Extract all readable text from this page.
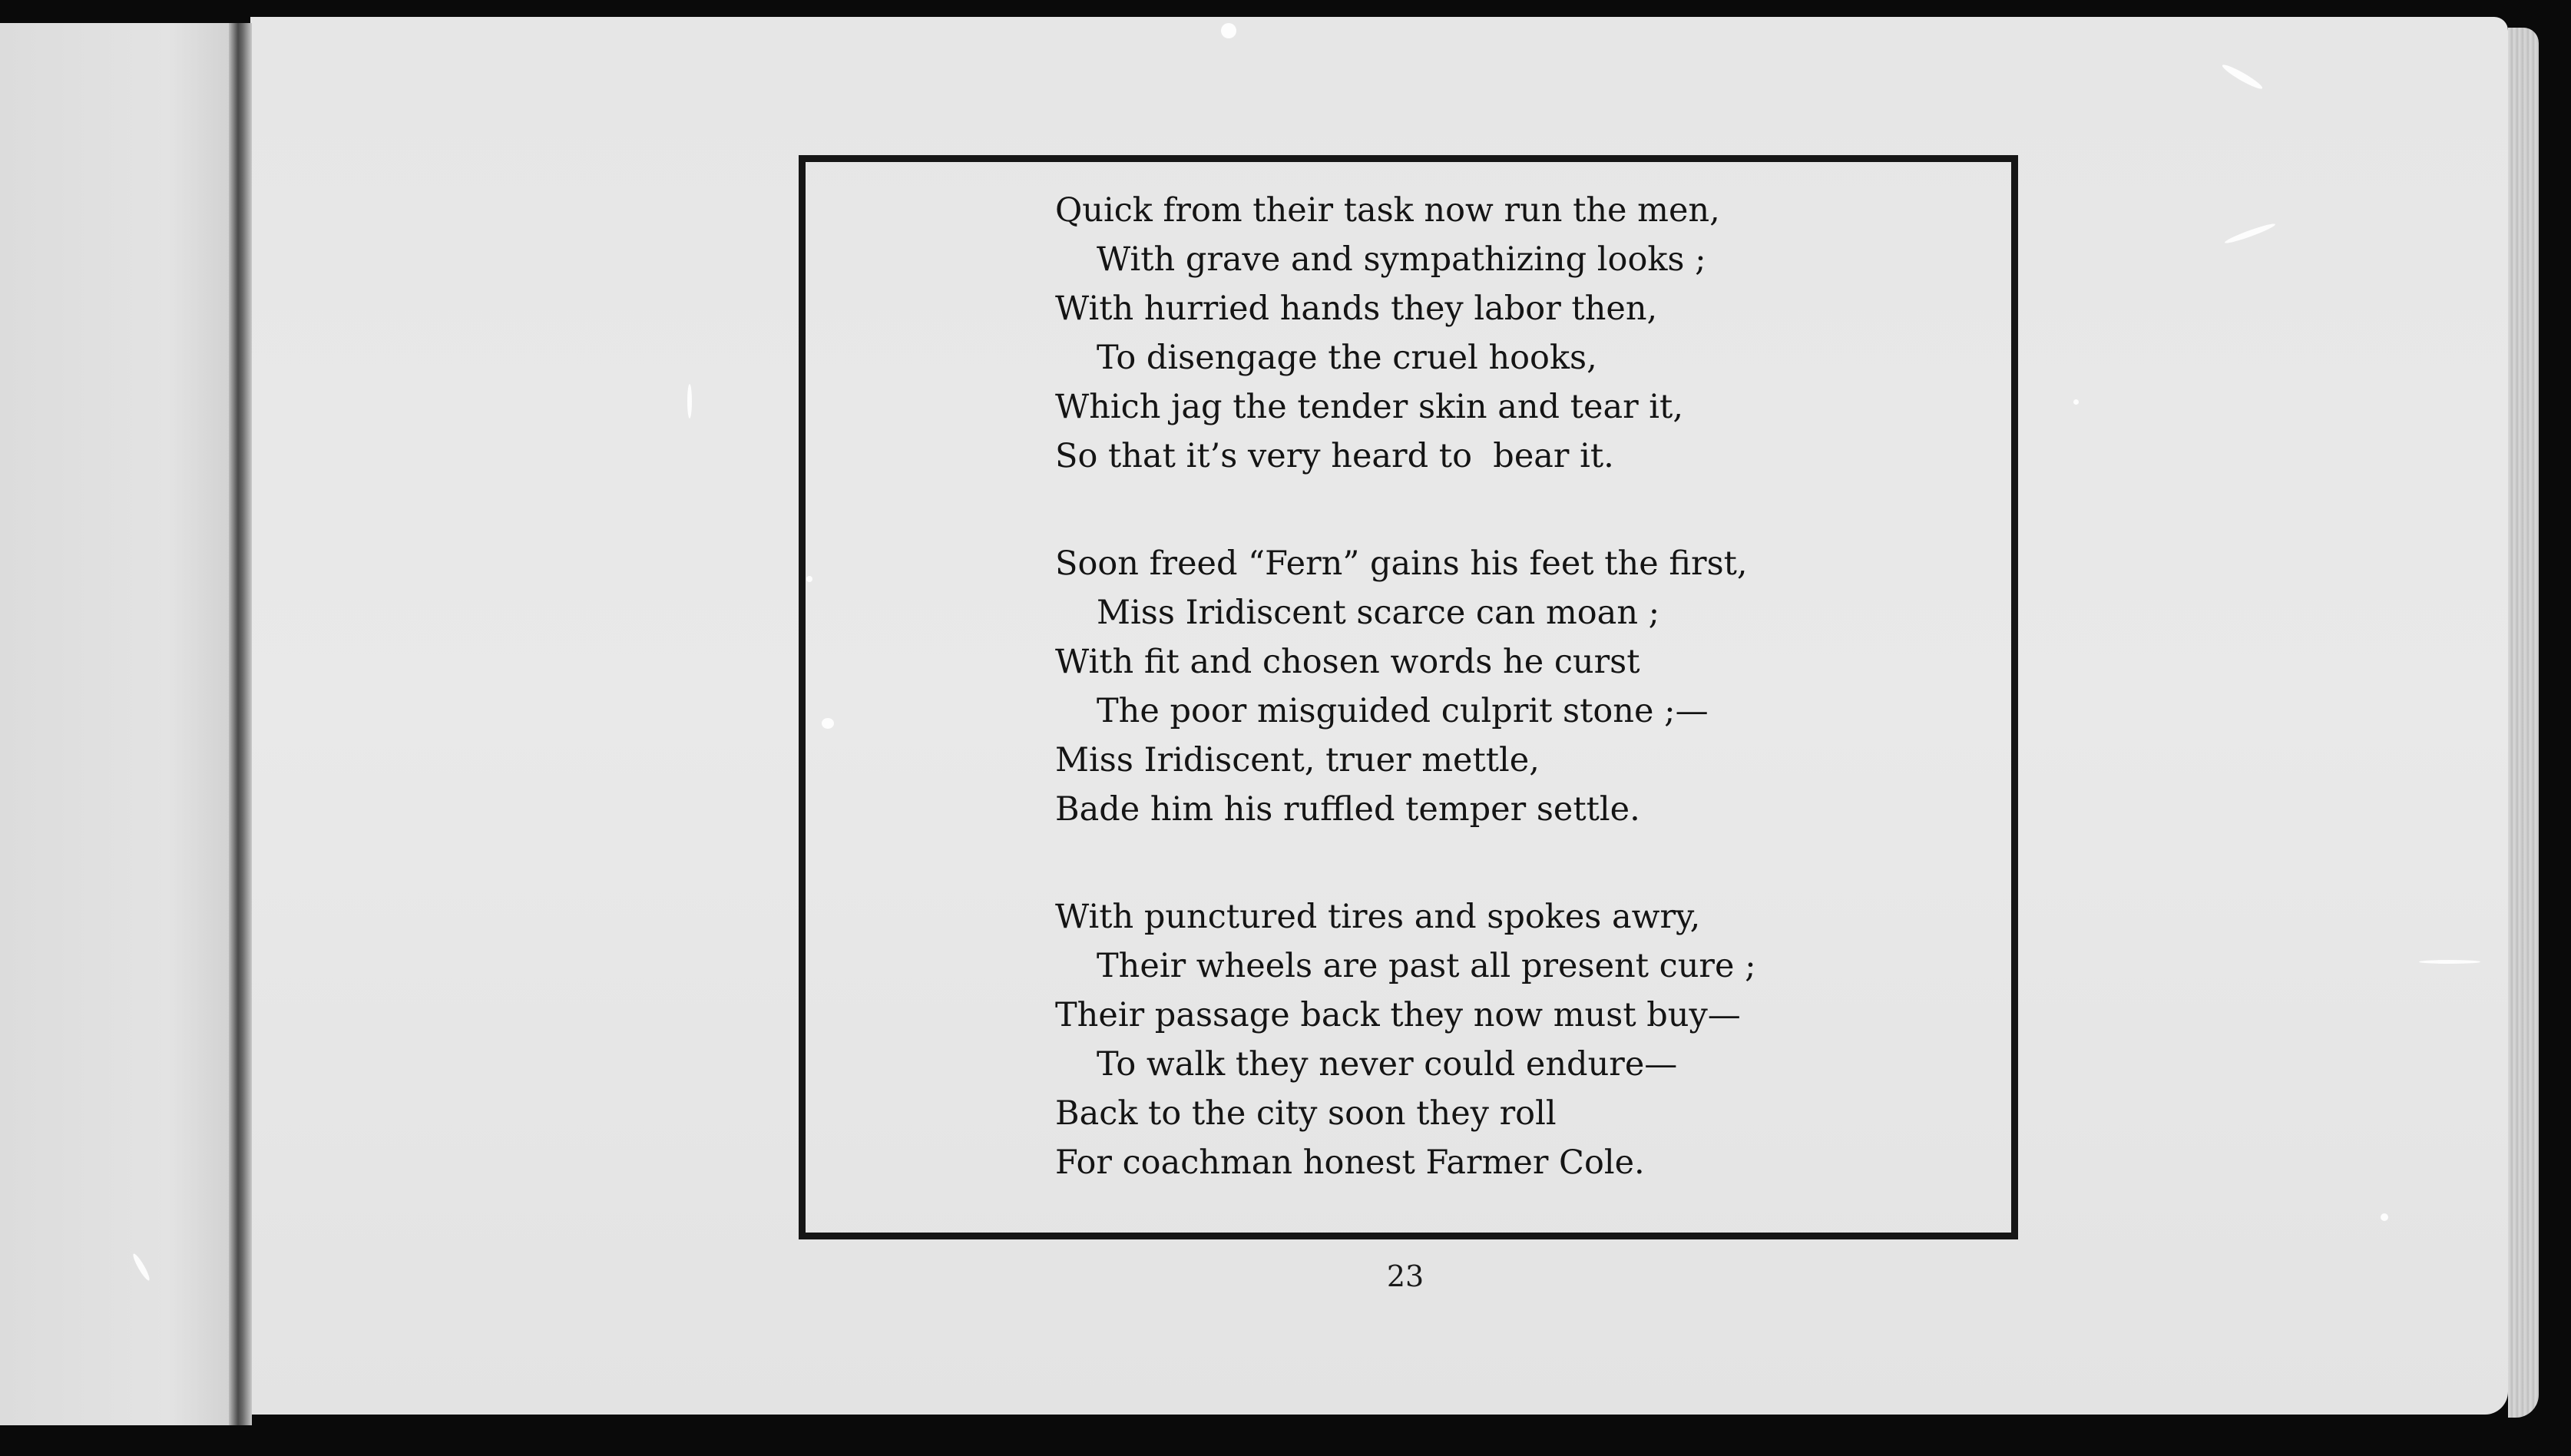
Quick from their task now run the men,
With grave and sympathizing looks ;
With hurried hands they labor then,
To disengage the cruel hooks,
Which jag the tender skin and tear it,
So that it’s very heard to  bear it.
Soon freed “Fern” gains his feet the first,
Miss Iridiscent scarce can moan ;
With fit and chosen words he curst
The poor misguided culprit stone ;—
Miss Iridiscent, truer mettle,
Bade him his ruffled temper settle.
With punctured tires and spokes awry,
Their wheels are past all present cure ;
Their passage back they now must buy—
To walk they never could endure—
Back to the city soon they roll
For coachman honest Farmer Cole.
23
